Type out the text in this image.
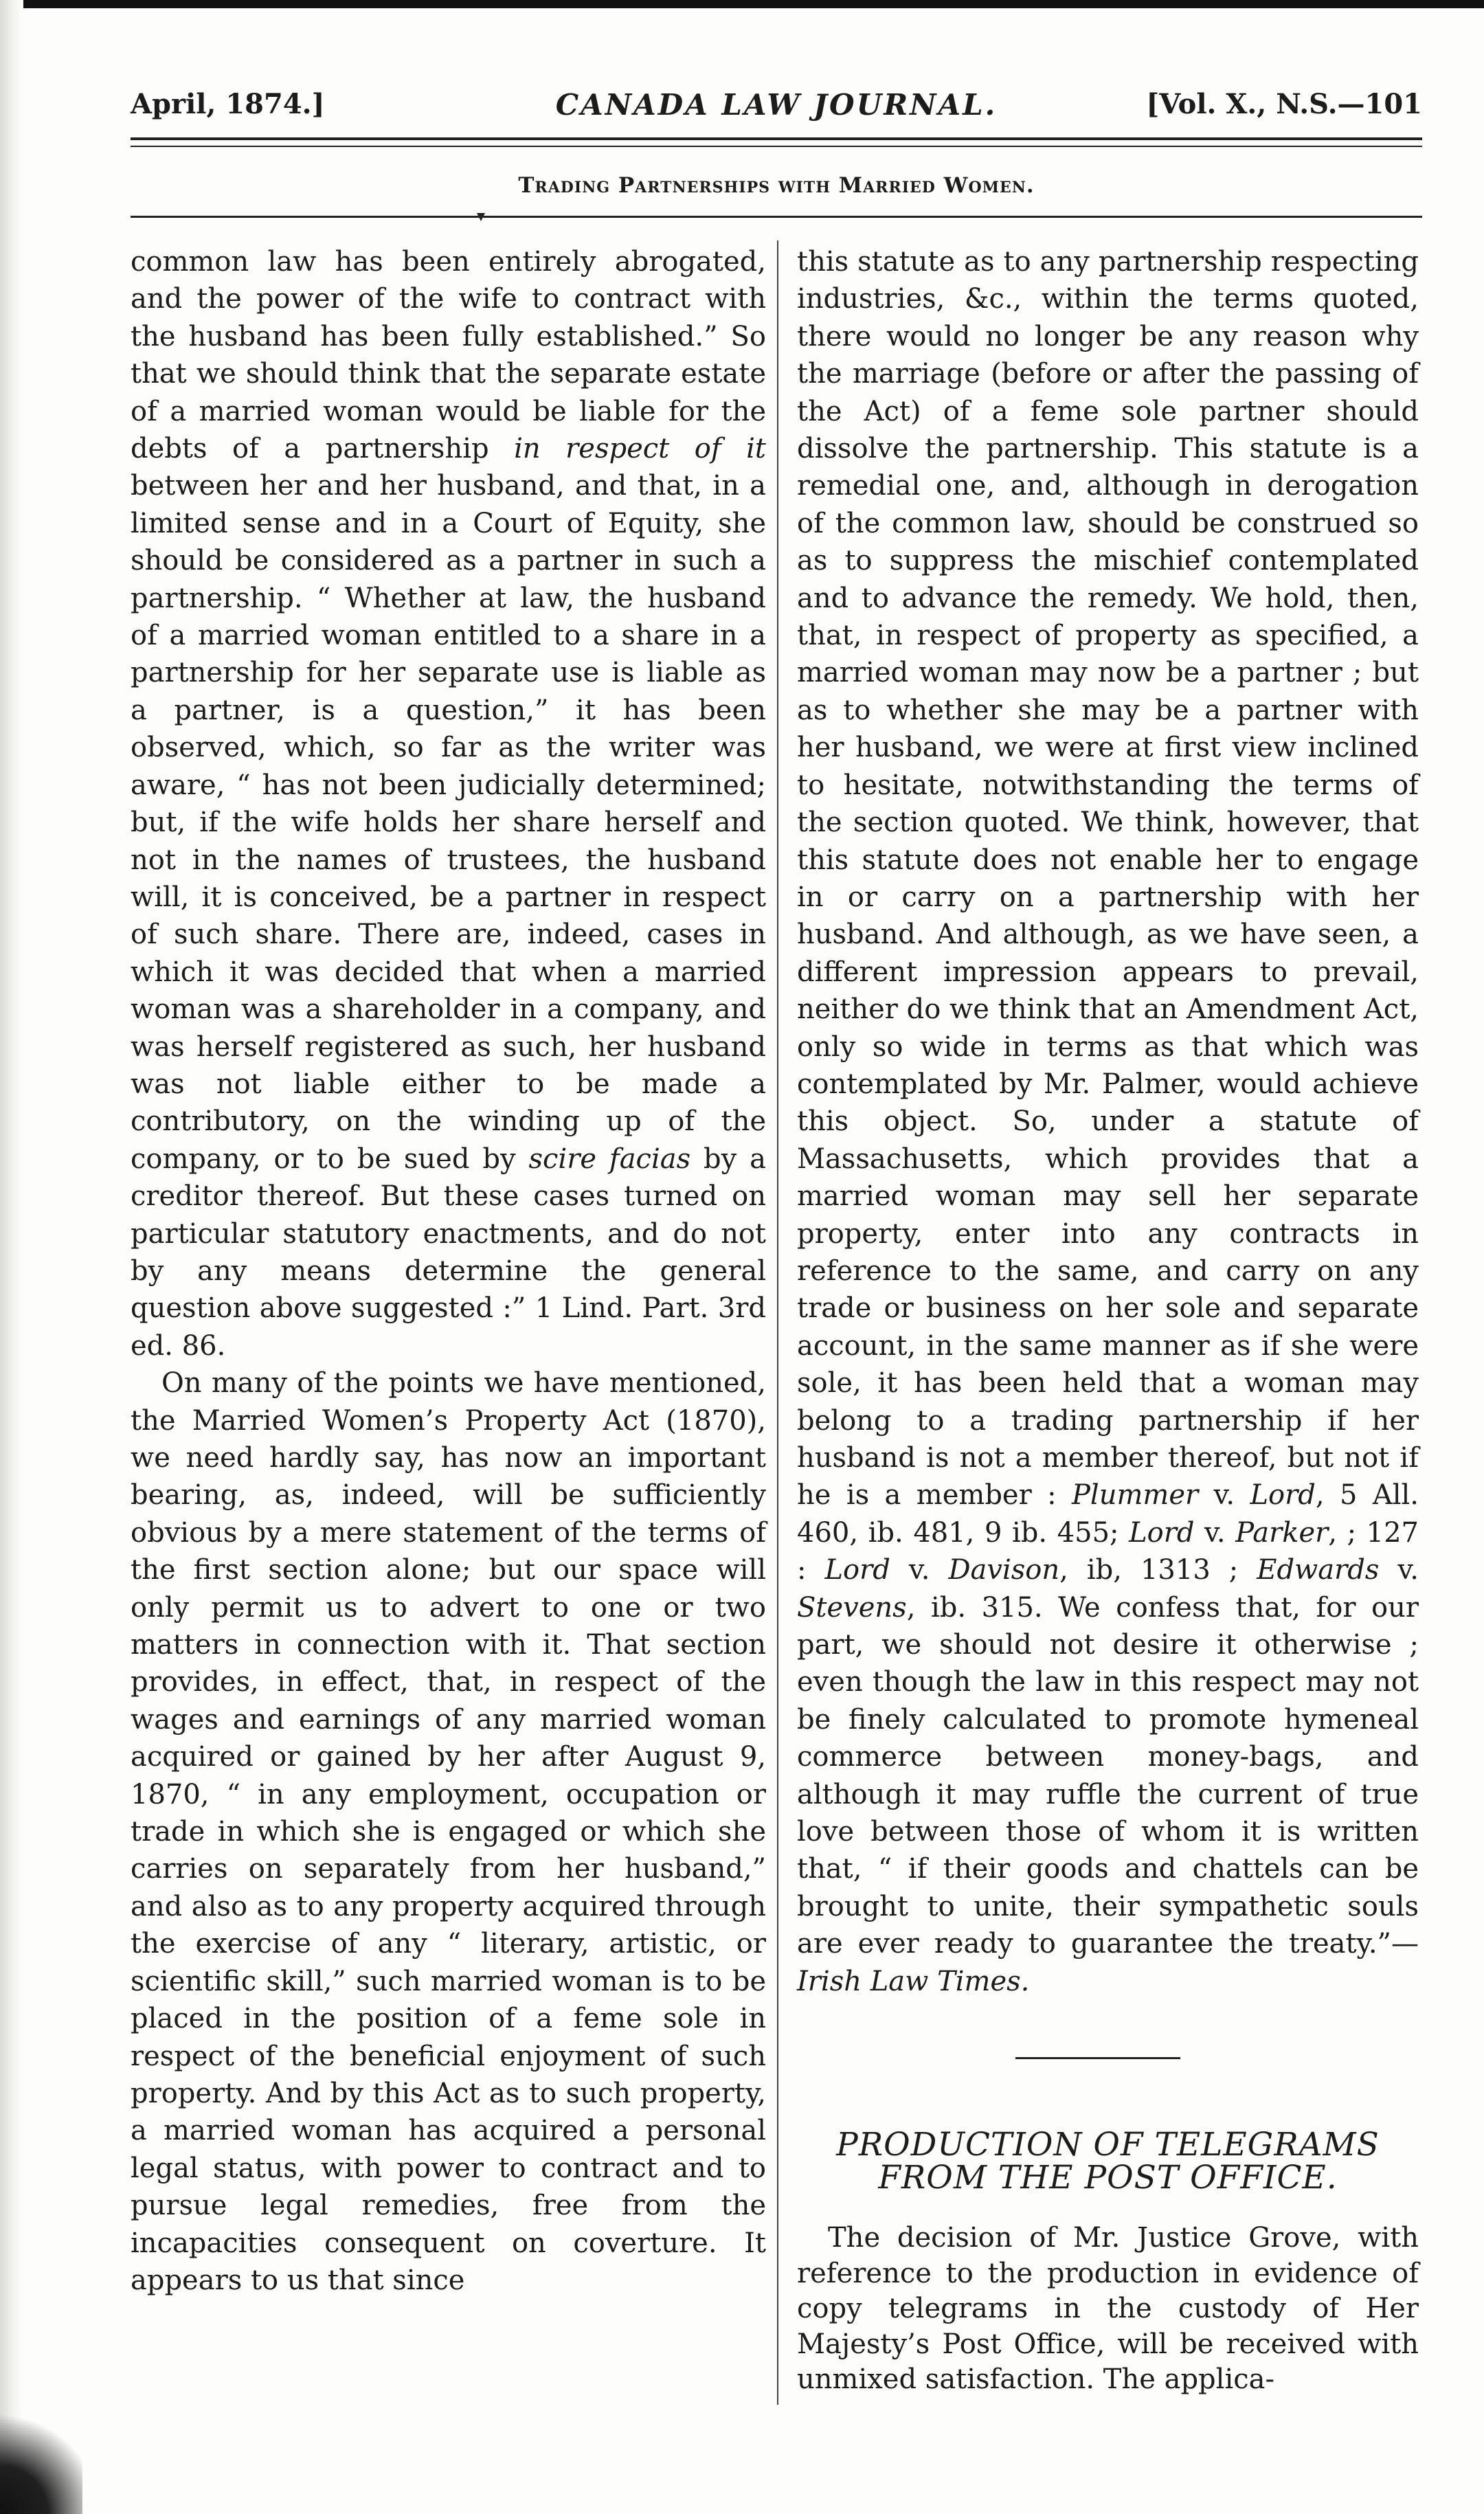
April, 1874.]	CANADA LAW JOURNAL.	[Vol. X., N.S.—101
Trading Partnerships with Married Women.

common law has been entirely abrogated, and the power of the wife to contract with the husband has been fully established.” So that we should think that the separate estate of a married woman would be liable for the debts of a partnership in respect of it between her and her husband, and that, in a limited sense and in a Court of Equity, she should be considered as a partner in such a partnership. “ Whether at law, the husband of a married woman entitled to a share in a partnership for her separate use is liable as a partner, is a question,” it has been observed, which, so far as the writer was aware, “ has not been judicially determined; but, if the wife holds her share herself and not in the names of trustees, the husband will, it is conceived, be a partner in respect of such share. There are, indeed, cases in which it was decided that when a married woman was a shareholder in a company, and was herself registered as such, her husband was not liable either to be made a contributory, on the winding up of the company, or to be sued by scire facias by a creditor thereof. But these cases turned on particular statutory enactments, and do not by any means determine the general question above suggested :” 1 Lind. Part. 3rd ed. 86.

On many of the points we have mentioned, the Married Women’s Property Act (1870), we need hardly say, has now an important bearing, as, indeed, will be sufficiently obvious by a mere statement of the terms of the first section alone; but our space will only permit us to advert to one or two matters in connection with it. That section provides, in effect, that, in respect of the wages and earnings of any married woman acquired or gained by her after August 9, 1870, “ in any employment, occupation or trade in which she is engaged or which she carries on separately from her husband,” and also as to any property acquired through the exercise of any “ literary, artistic, or scientific skill,” such married woman is to be placed in the position of a feme sole in respect of the beneficial enjoyment of such property. And by this Act as to such property, a married woman has acquired a personal legal status, with power to contract and to pursue legal remedies, free from the incapacities consequent on coverture. It appears to us that since

this statute as to any partnership respecting industries, &c., within the terms quoted, there would no longer be any reason why the marriage (before or after the passing of the Act) of a feme sole partner should dissolve the partnership. This statute is a remedial one, and, although in derogation of the common law, should be construed so as to suppress the mischief contemplated and to advance the remedy. We hold, then, that, in respect of property as specified, a married woman may now be a partner ; but as to whether she may be a partner with her husband, we were at first view inclined to hesitate, notwithstanding the terms of the section quoted. We think, however, that this statute does not enable her to engage in or carry on a partnership with her husband. And although, as we have seen, a different impression appears to prevail, neither do we think that an Amendment Act, only so wide in terms as that which was contemplated by Mr. Palmer, would achieve this object. So, under a statute of Massachusetts, which provides that a married woman may sell her separate property, enter into any contracts in reference to the same, and carry on any trade or business on her sole and separate account, in the same manner as if she were sole, it has been held that a woman may belong to a trading partnership if her husband is not a member thereof, but not if he is a member : Plummer v. Lord, 5 All. 460, ib. 481, 9 ib. 455; Lord v. Parker, ; 127 : Lord v. Davison, ib, 1313 ; Edwards v. Stevens, ib. 315. We confess that, for our part, we should not desire it otherwise ; even though the law in this respect may not be finely calculated to promote hymeneal commerce between money-bags, and although it may ruffle the current of true love between those of whom it is written that, “ if their goods and chattels can be brought to unite, their sympathetic souls are ever ready to guarantee the treaty.”—Irish Law Times.

PRODUCTION OF TELEGRAMS
FROM THE POST OFFICE.

The decision of Mr. Justice Grove, with reference to the production in evidence of copy telegrams in the custody of Her Majesty’s Post Office, will be received with unmixed satisfaction. The applica-
